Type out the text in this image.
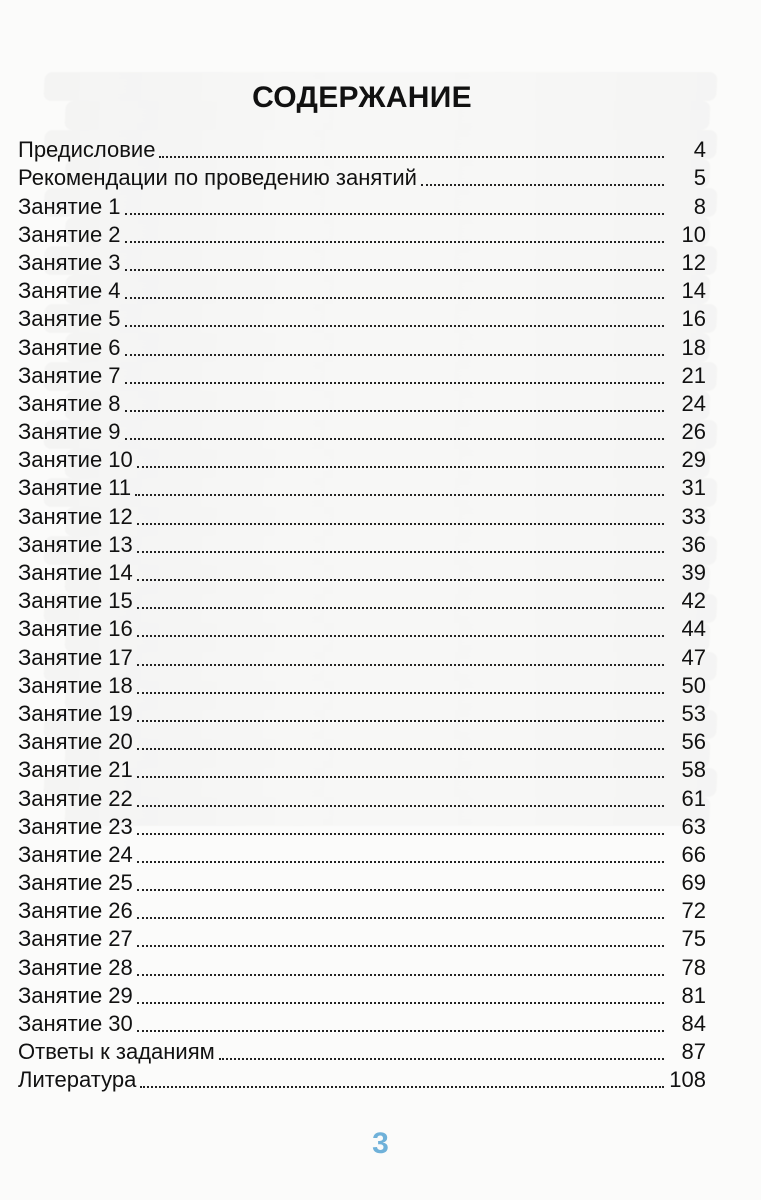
СОДЕРЖАНИЕ
Предисловие	4
Рекомендации по проведению занятий	5
Занятие 1	8
Занятие 2	10
Занятие 3	12
Занятие 4	14
Занятие 5	16
Занятие 6	18
Занятие 7	21
Занятие 8	24
Занятие 9	26
Занятие 10	29
Занятие 11	31
Занятие 12	33
Занятие 13	36
Занятие 14	39
Занятие 15	42
Занятие 16	44
Занятие 17	47
Занятие 18	50
Занятие 19	53
Занятие 20	56
Занятие 21	58
Занятие 22	61
Занятие 23	63
Занятие 24	66
Занятие 25	69
Занятие 26	72
Занятие 27	75
Занятие 28	78
Занятие 29	81
Занятие 30	84
Ответы к заданиям	87
Литература	108
3
